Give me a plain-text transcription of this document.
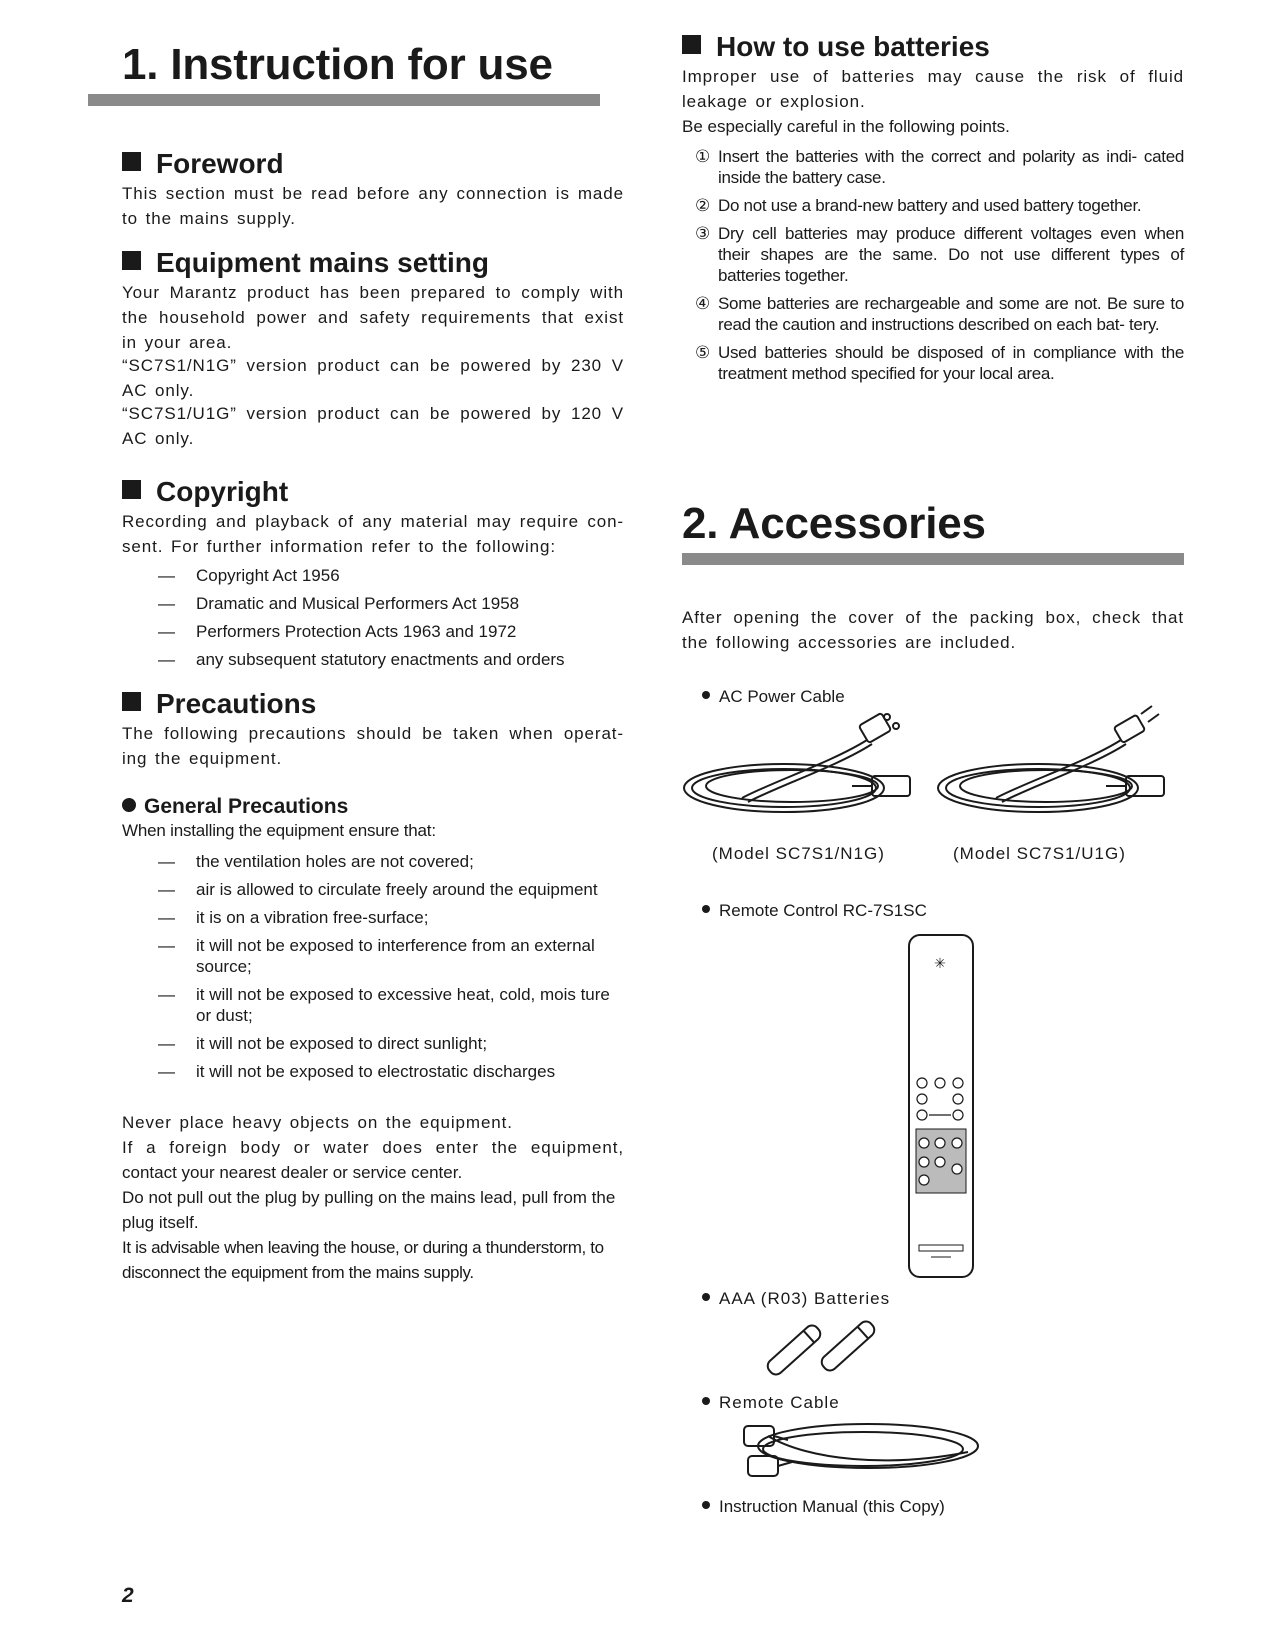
1. Instruction for use
Foreword

This section must be read before any connection is made to the mains supply.

Equipment mains setting

Your Marantz product has been prepared to comply with the household power and safety requirements that exist in your area.

“SC7S1/N1G” version product can be powered by 230 V AC only.

“SC7S1/U1G” version product can be powered by 120 V AC only.

Copyright

Recording and playback of any material may require con- sent. For further information refer to the following:

— Copyright Act 1956
— Dramatic and Musical Performers Act 1958
— Performers Protection Acts 1963 and 1972
— any subsequent statutory enactments and orders
Precautions

The following precautions should be taken when operat- ing the equipment.

General Precautions

When installing the equipment ensure that:

— the ventilation holes are not covered;
— air is allowed to circulate freely around the equipment
— it is on a vibration free-surface;
— it will not be exposed to interference from an external source;
— it will not be exposed to excessive heat, cold, mois ture or dust;
— it will not be exposed to direct sunlight;
— it will not be exposed to electrostatic discharges

Never place heavy objects on the equipment.

If a foreign body or water does enter the equipment,

contact your nearest dealer or service center.

Do not pull out the plug by pulling on the mains lead, pull from the plug itself.

It is advisable when leaving the house, or during a thunderstorm, to disconnect the equipment from the mains supply.

2
How to use batteries

Improper use of batteries may cause the risk of fluid leakage or explosion.

Be especially careful in the following points.

① Insert the batteries with the correct and polarity as indi- cated inside the battery case.
② Do not use a brand-new battery and used battery together.
③ Dry cell batteries may produce different voltages even when their shapes are the same. Do not use different types of batteries together.
④ Some batteries are rechargeable and some are not. Be sure to read the caution and instructions described on each bat- tery.
⑤ Used batteries should be disposed of in compliance with the treatment method specified for your local area.
2. Accessories

After opening the cover of the packing box, check that the following accessories are included.

AC Power Cable
(Model SC7S1/N1G)	(Model SC7S1/U1G)
Remote Control RC-7S1SC
✳
AAA (R03) Batteries
Remote Cable
Instruction Manual (this Copy)
